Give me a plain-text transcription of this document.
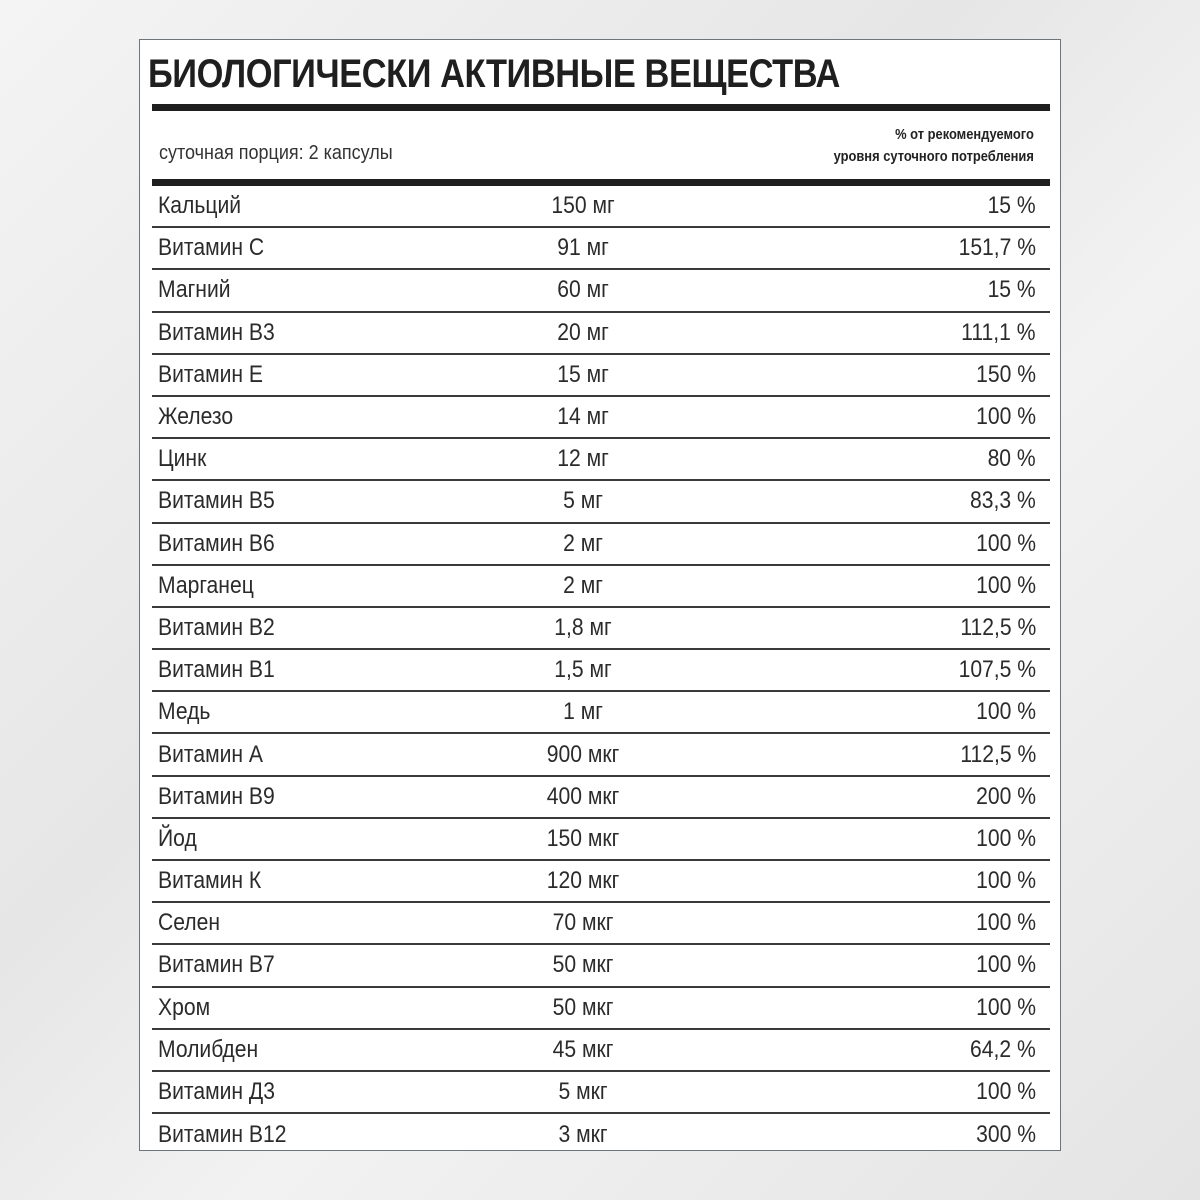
БИОЛОГИЧЕСКИ АКТИВНЫЕ ВЕЩЕСТВА
суточная порция: 2 капсулы
% от рекомендуемого
уровня суточного потребления
Кальций	150 мг	15 %
Витамин С	91 мг	151,7 %
Магний	60 мг	15 %
Витамин В3	20 мг	111,1 %
Витамин Е	15 мг	150 %
Железо	14 мг	100 %
Цинк	12 мг	80 %
Витамин В5	5 мг	83,3 %
Витамин В6	2 мг	100 %
Марганец	2 мг	100 %
Витамин В2	1,8 мг	112,5 %
Витамин В1	1,5 мг	107,5 %
Медь	1 мг	100 %
Витамин А	900 мкг	112,5 %
Витамин В9	400 мкг	200 %
Йод	150 мкг	100 %
Витамин К	120 мкг	100 %
Селен	70 мкг	100 %
Витамин В7	50 мкг	100 %
Хром	50 мкг	100 %
Молибден	45 мкг	64,2 %
Витамин Д3	5 мкг	100 %
Витамин В12	3 мкг	300 %
